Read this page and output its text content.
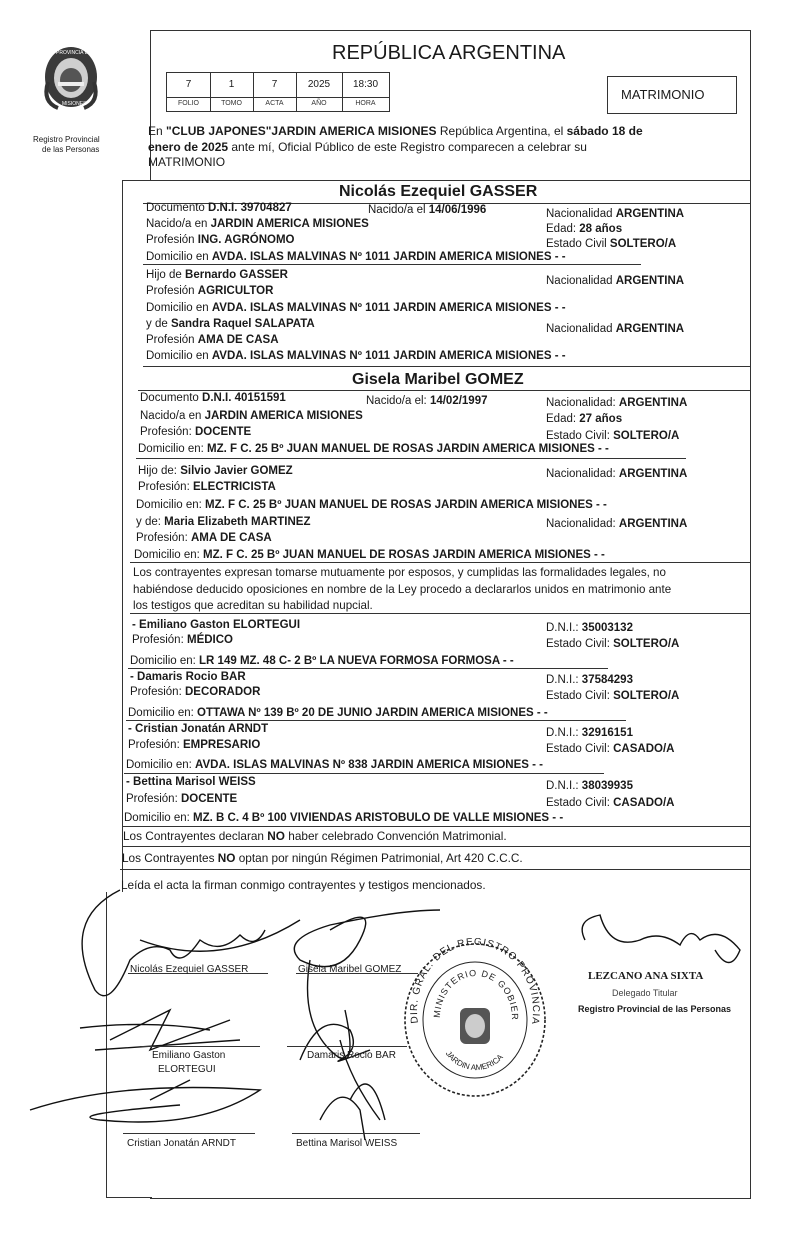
PROVINCIA DE
MISIONES
Registro Provincial
de las Personas
REPÚBLICA ARGENTINA
7	1	7	2025	18:30
FOLIO	TOMO	ACTA	AÑO	HORA
MATRIMONIO
En "CLUB JAPONES"JARDIN AMERICA MISIONES República Argentina, el sábado 18 de
enero de 2025 ante mí, Oficial Público de este Registro comparecen a celebrar su
MATRIMONIO
Nicolás Ezequiel GASSER
Documento D.N.I. 39704827	Nacido/a el 14/06/1996	Nacionalidad ARGENTINA
Nacido/a en JARDIN AMERICA MISIONES	Edad: 28 años
Profesión ING. AGRÓNOMO	Estado Civil SOLTERO/A
Domicilio en AVDA. ISLAS MALVINAS Nº 1011 JARDIN AMERICA MISIONES - -
Hijo de Bernardo GASSER	Nacionalidad ARGENTINA
Profesión AGRICULTOR
Domicilio en AVDA. ISLAS MALVINAS Nº 1011 JARDIN AMERICA MISIONES - -
y de Sandra Raquel SALAPATA	Nacionalidad ARGENTINA
Profesión AMA DE CASA
Domicilio en AVDA. ISLAS MALVINAS Nº 1011 JARDIN AMERICA MISIONES - -
Gisela Maribel GOMEZ
Documento D.N.I. 40151591	Nacido/a el: 14/02/1997	Nacionalidad: ARGENTINA
Nacido/a en JARDIN AMERICA MISIONES	Edad: 27 años
Profesión: DOCENTE	Estado Civil: SOLTERO/A
Domicilio en: MZ. F C. 25 Bº JUAN MANUEL DE ROSAS JARDIN AMERICA MISIONES - -
Hijo de: Silvio Javier GOMEZ	Nacionalidad: ARGENTINA
Profesión: ELECTRICISTA
Domicilio en: MZ. F C. 25 Bº JUAN MANUEL DE ROSAS JARDIN AMERICA MISIONES - -
y de: Maria Elizabeth MARTINEZ	Nacionalidad: ARGENTINA
Profesión: AMA DE CASA
Domicilio en: MZ. F C. 25 Bº JUAN MANUEL DE ROSAS JARDIN AMERICA MISIONES - -
Los contrayentes expresan tomarse mutuamente por esposos, y cumplidas las formalidades legales, no
habiéndose deducido oposiciones en nombre de la Ley procedo a declararlos unidos en matrimonio ante
los testigos que acreditan su habilidad nupcial.
- Emiliano Gaston ELORTEGUI	D.N.I.: 35003132
Profesión: MÉDICO	Estado Civil: SOLTERO/A
Domicilio en: LR 149 MZ. 48 C- 2 Bº LA NUEVA FORMOSA FORMOSA - -
- Damaris Rocio BAR	D.N.I.: 37584293
Profesión: DECORADOR	Estado Civil: SOLTERO/A
Domicilio en: OTTAWA Nº 139 Bº 20 DE JUNIO JARDIN AMERICA MISIONES - -
- Cristian Jonatán ARNDT	D.N.I.: 32916151
Profesión: EMPRESARIO	Estado Civil: CASADO/A
Domicilio en: AVDA. ISLAS MALVINAS Nº 838 JARDIN AMERICA MISIONES - -
- Bettina Marisol WEISS	D.N.I.: 38039935
Profesión: DOCENTE	Estado Civil: CASADO/A
Domicilio en: MZ. B C. 4 Bº 100 VIVIENDAS ARISTOBULO DE VALLE MISIONES - -
Los Contrayentes declaran NO haber celebrado Convención Matrimonial.
Los Contrayentes NO optan por ningún Régimen Patrimonial, Art 420 C.C.C.
Leída el acta la firman conmigo contrayentes y testigos mencionados.
Nicolás Ezequiel GASSER	Gisela Maribel GOMEZ
Emiliano Gaston
ELORTEGUI
Damaris Rocio BAR
Cristian Jonatán ARNDT	Bettina Marisol WEISS
LEZCANO ANA SIXTA
Delegado Titular
Registro Provincial de las Personas
DIR. GRAL. DEL REGISTRO PROVINCIA
MINISTERIO DE GOBIER
JARDIN AMERICA
